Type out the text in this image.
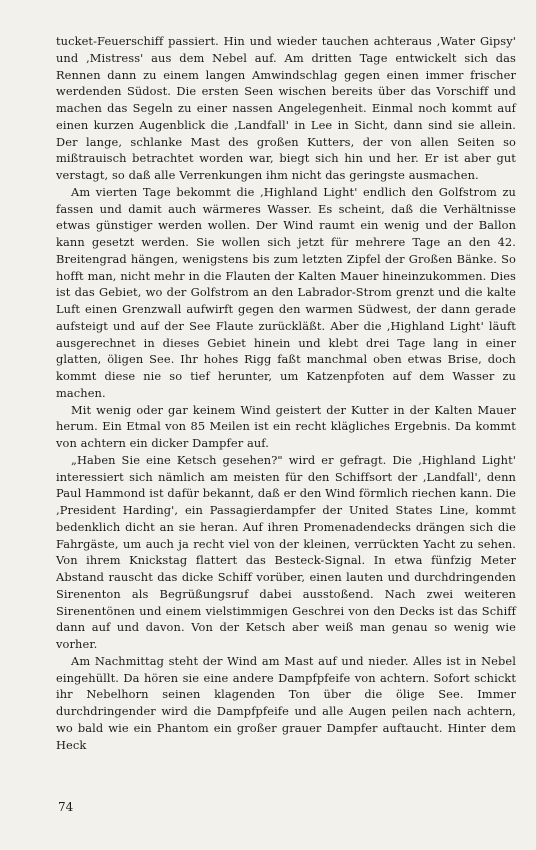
tucket-Feuerschiff passiert. Hin und wieder tauchen achteraus ‚Water Gipsy' und ‚Mistress' aus dem Nebel auf. Am dritten Tage entwickelt sich das Rennen dann zu einem langen Amwindschlag gegen einen immer frischer werdenden Südost. Die ersten Seen wischen bereits über das Vorschiff und machen das Segeln zu einer nassen Angelegenheit. Einmal noch kommt auf einen kurzen Augenblick die ‚Landfall' in Lee in Sicht, dann sind sie allein. Der lange, schlanke Mast des großen Kutters, der von allen Seiten so mißtrauisch betrachtet worden war, biegt sich hin und her. Er ist aber gut verstagt, so daß alle Verrenkungen ihm nicht das geringste ausmachen.

Am vierten Tage bekommt die ‚Highland Light' endlich den Golfstrom zu fassen und damit auch wärmeres Wasser. Es scheint, daß die Verhältnisse etwas günstiger werden wollen. Der Wind raumt ein wenig und der Ballon kann gesetzt werden. Sie wollen sich jetzt für mehrere Tage an den 42. Breitengrad hängen, wenigstens bis zum letzten Zipfel der Großen Bänke. So hofft man, nicht mehr in die Flauten der Kalten Mauer hineinzukommen. Dies ist das Gebiet, wo der Golfstrom an den Labrador-Strom grenzt und die kalte Luft einen Grenzwall aufwirft gegen den warmen Südwest, der dann gerade aufsteigt und auf der See Flaute zurückläßt. Aber die ‚Highland Light' läuft ausgerechnet in dieses Gebiet hinein und klebt drei Tage lang in einer glatten, öligen See. Ihr hohes Rigg faßt manchmal oben etwas Brise, doch kommt diese nie so tief herunter, um Katzenpfoten auf dem Wasser zu machen.

Mit wenig oder gar keinem Wind geistert der Kutter in der Kalten Mauer herum. Ein Etmal von 85 Meilen ist ein recht klägliches Ergebnis. Da kommt von achtern ein dicker Dampfer auf.

„Haben Sie eine Ketsch gesehen?" wird er gefragt. Die ‚Highland Light' interessiert sich nämlich am meisten für den Schiffsort der ‚Landfall', denn Paul Hammond ist dafür bekannt, daß er den Wind förmlich riechen kann. Die ‚President Harding', ein Passagierdampfer der United States Line, kommt bedenklich dicht an sie heran. Auf ihren Promenadendecks drängen sich die Fahrgäste, um auch ja recht viel von der kleinen, verrückten Yacht zu sehen. Von ihrem Knickstag flattert das Besteck-Signal. In etwa fünfzig Meter Abstand rauscht das dicke Schiff vorüber, einen lauten und durchdringenden Sirenenton als Begrüßungsruf dabei ausstoßend. Nach zwei weiteren Sirenentönen und einem vielstimmigen Geschrei von den Decks ist das Schiff dann auf und davon. Von der Ketsch aber weiß man genau so wenig wie vorher.

Am Nachmittag steht der Wind am Mast auf und nieder. Alles ist in Nebel eingehüllt. Da hören sie eine andere Dampfpfeife von achtern. Sofort schickt ihr Nebelhorn seinen klagenden Ton über die ölige See. Immer durchdringender wird die Dampfpfeife und alle Augen peilen nach achtern, wo bald wie ein Phantom ein großer grauer Dampfer auftaucht. Hinter dem Heck

74
